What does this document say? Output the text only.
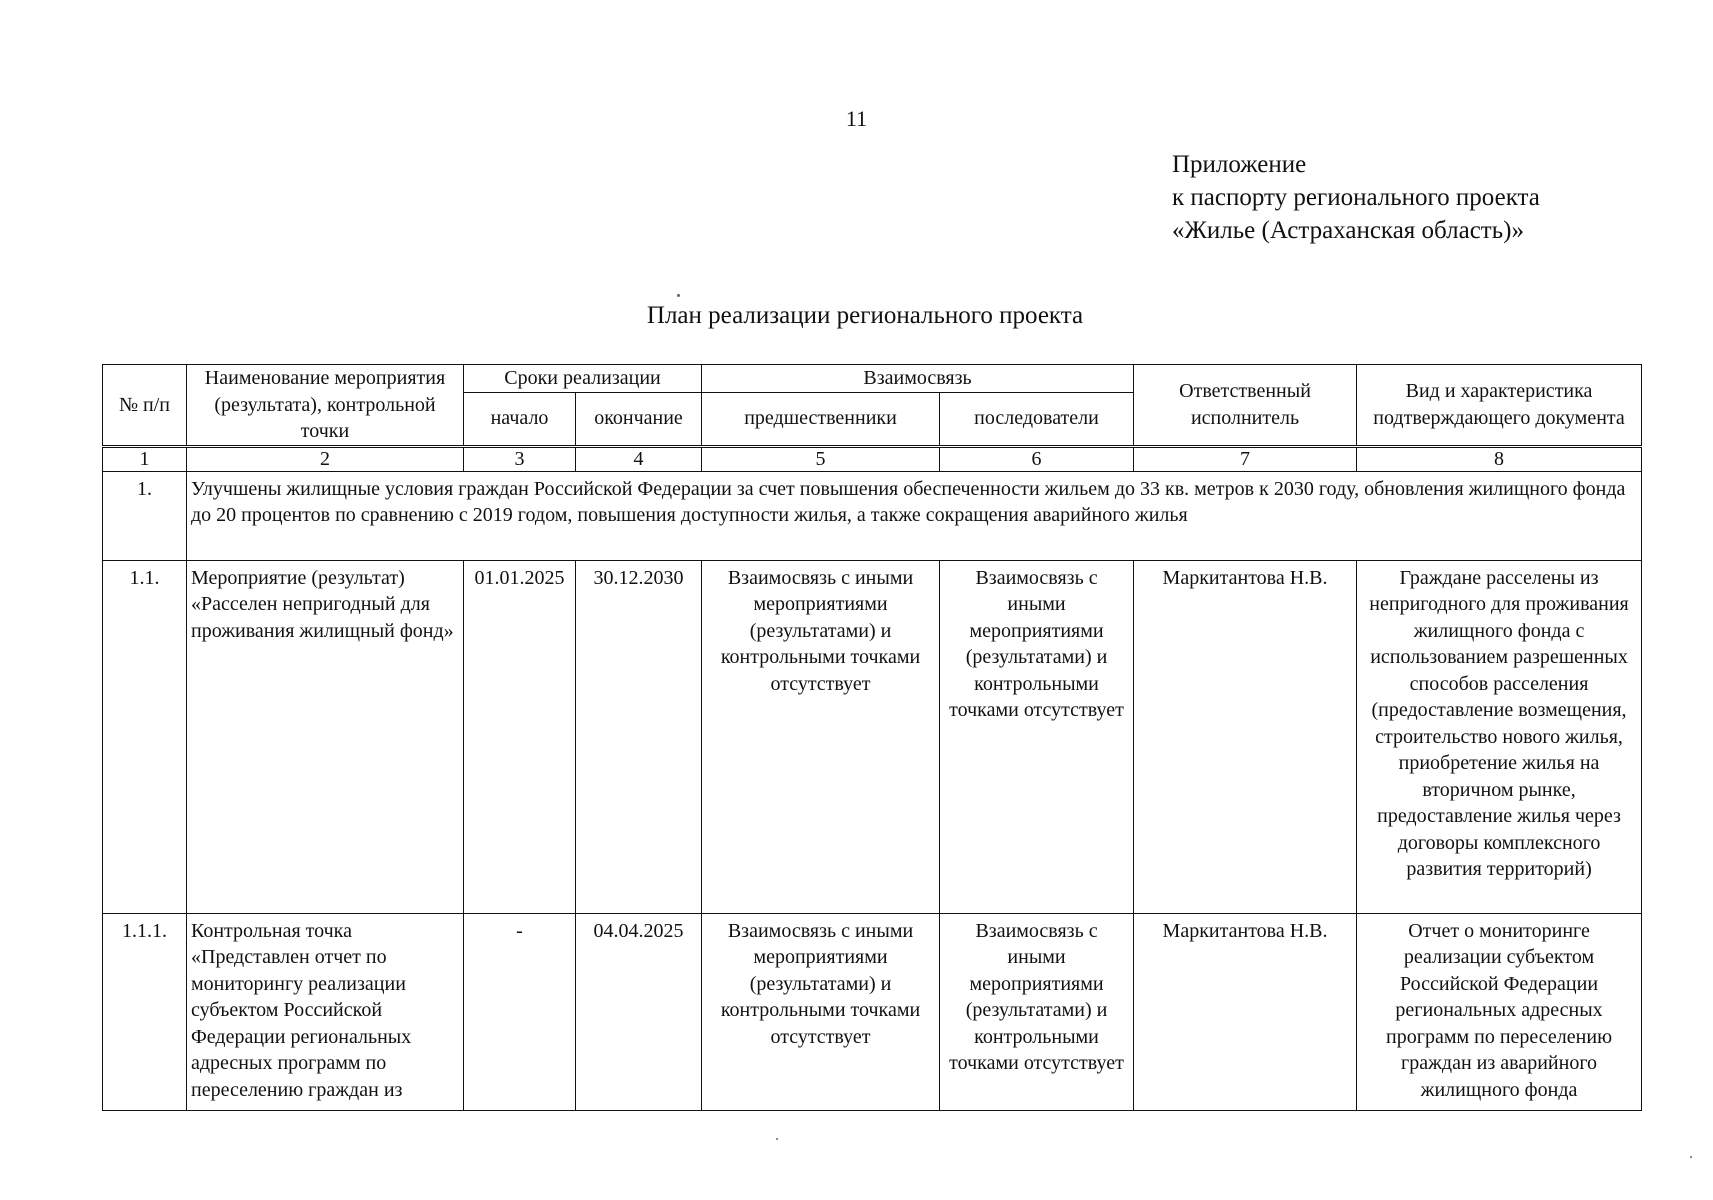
11
Приложение
к паспорту регионального проекта
«Жилье (Астраханская область)»
План реализации регионального проекта
№ п/п	Наименование мероприятия (результата), контрольной точки	Сроки реализации		Взаимосвязь		Ответственный исполнитель	Вид и характеристика подтверждающего документа
		начало	окончание	предшественники	последователи		
1	2	3	4	5	6	7	8
1.	Улучшены жилищные условия граждан Российской Федерации за счет повышения обеспеченности жильем до 33 кв. метров к 2030 году, обновления жилищного фонда до 20 процентов по сравнению с 2019 годом, повышения доступности жилья, а также сокращения аварийного жилья						
1.1.	Мероприятие (результат) «Расселен непригодный для проживания жилищный фонд»	01.01.2025	30.12.2030	Взаимосвязь с иными мероприятиями (результатами) и контрольными точками отсутствует	Взаимосвязь с иными мероприятиями (результатами) и контрольными точками отсутствует	Маркитантова Н.В.	Граждане расселены из непригодного для проживания жилищного фонда с использованием разрешенных способов расселения (предоставление возмещения, строительство нового жилья, приобретение жилья на вторичном рынке, предоставление жилья через договоры комплексного развития территорий)
1.1.1.	Контрольная точка «Представлен отчет по мониторингу реализации субъектом Российской Федерации региональных адресных программ по переселению граждан из	-	04.04.2025	Взаимосвязь с иными мероприятиями (результатами) и контрольными точками отсутствует	Взаимосвязь с иными мероприятиями (результатами) и контрольными точками отсутствует	Маркитантова Н.В.	Отчет о мониторинге реализации субъектом Российской Федерации региональных адресных программ по переселению граждан из аварийного жилищного фонда
